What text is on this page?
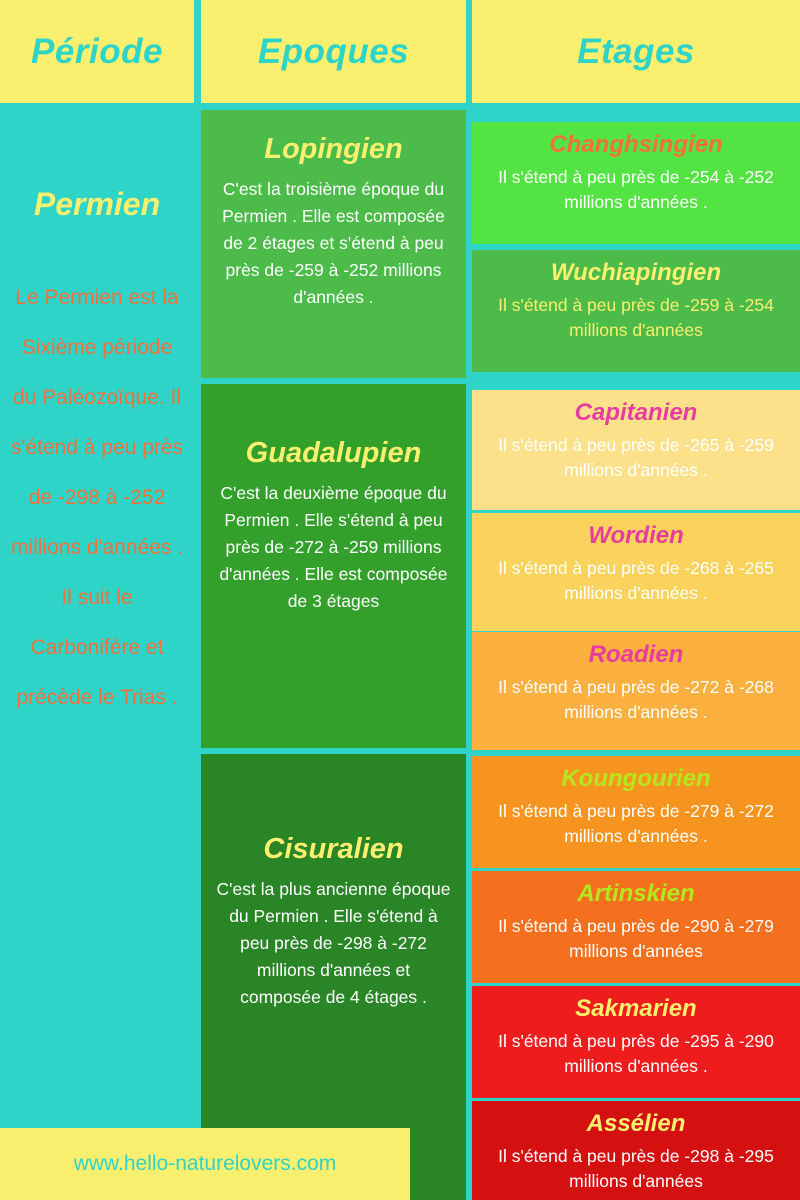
Période	Epoques	Etages
Permien
Le Permien est la Sixième période du Paléozoïque. Il s'étend à peu près de -298 à -252 millions d'années . Il suit le Carbonifère et précède le Trias .
Lopingien
C'est la troisième époque du Permien . Elle est composée de 2 étages et s'étend à peu près de -259 à -252 millions d'années .
Guadalupien
C'est la deuxième époque du Permien . Elle s'étend à peu près de -272 à -259 millions d'années . Elle est composée de 3 étages
Cisuralien
C'est la plus ancienne époque du Permien . Elle s'étend à peu près de -298 à -272 millions d'années et composée de 4 étages .
Changhsingien
Il s'étend à peu près de -254 à -252 millions d'années .
Wuchiapingien
Il s'étend à peu près de -259 à -254 millions d'années
Capitanien
Il s'étend à peu près de -265 à -259 millions d'années .
Wordien
Il s'étend à peu près de -268 à -265 millions d'années .
Roadien
Il s'étend à peu près de -272 à -268 millions d'années .
Koungourien
Il s'étend à peu près de -279 à -272 millions d'années .
Artinskien
Il s'étend à peu près de -290 à -279 millions d'années
Sakmarien
Il s'étend à peu près de -295 à -290 millions d'années .
Assélien
Il s'étend à peu près de -298 à -295 millions d'années
www.hello-naturelovers.com
